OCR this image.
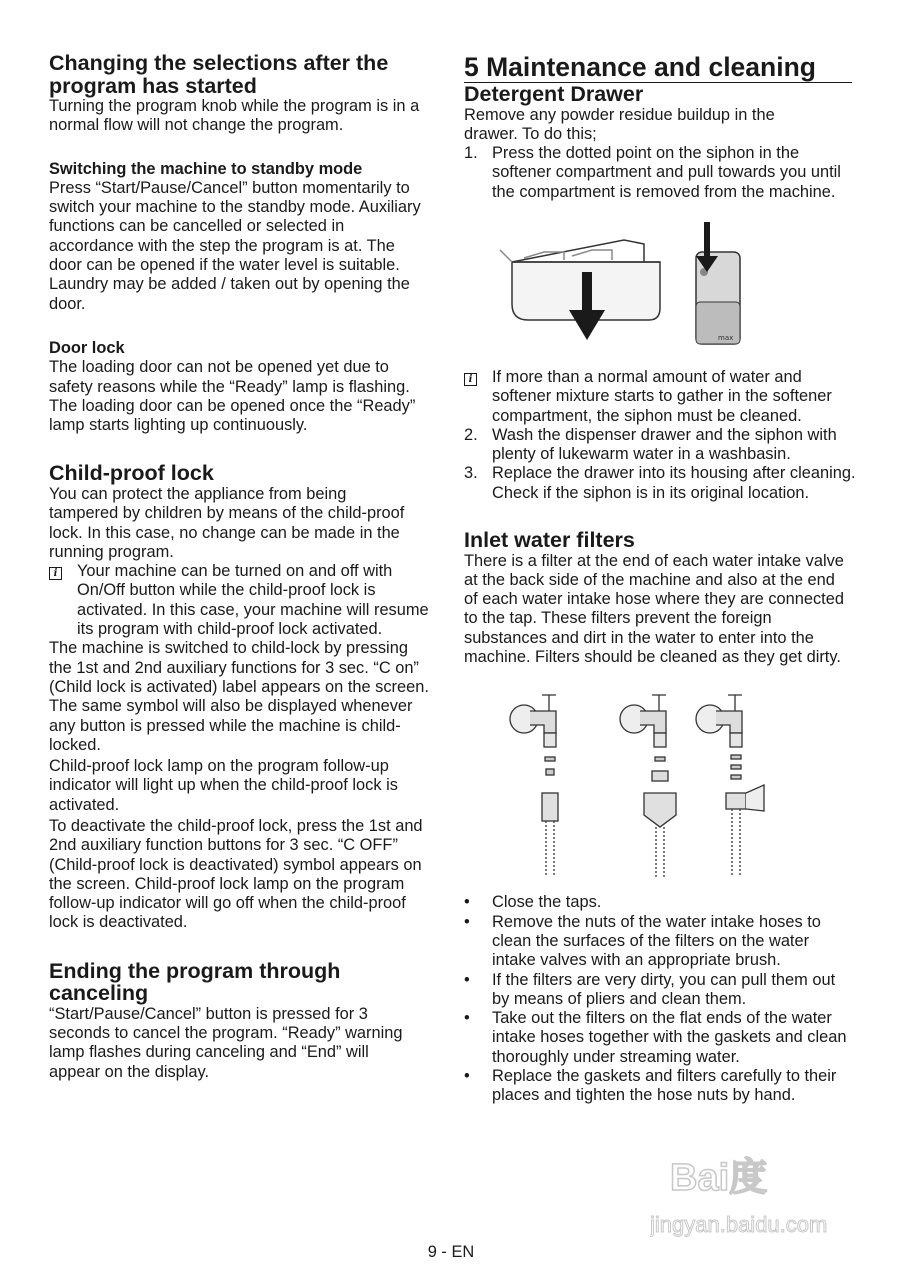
Changing the selections after the program has started

Turning the program knob while the program is in a normal flow will not change the program.

Switching the machine to standby mode

Press “Start/Pause/Cancel” button momentarily to switch your machine to the standby mode. Auxiliary functions can be cancelled or selected in accordance with the step the program is at. The door can be opened if the water level is suitable. Laundry may be added / taken out by opening the door.

Door lock

The loading door can not be opened yet due to safety reasons while the “Ready” lamp is flashing. The loading door can be opened once the “Ready” lamp starts lighting up continuously.

Child-proof lock

You can protect the appliance from being tampered by children by means of the child-proof lock. In this case, no change can be made in the running program.

i	Your machine can be turned on and off with On/Off button while the child-proof lock is activated. In this case, your machine will resume its program with child-proof lock activated.

The machine is switched to child-lock by pressing the 1st and 2nd auxiliary functions for 3 sec. “C on” (Child lock is activated) label appears on the screen. The same symbol will also be displayed whenever any button is pressed while the machine is child-locked.

Child-proof lock lamp on the program follow-up indicator will light up when the child-proof lock is activated.

To deactivate the child-proof lock, press the 1st and 2nd auxiliary function buttons for 3 sec. “C OFF” (Child-proof lock is deactivated) symbol appears on the screen. Child-proof lock lamp on the program follow-up indicator will go off when the child-proof lock is deactivated.

Ending the program through canceling

“Start/Pause/Cancel” button is pressed for 3 seconds to cancel the program. “Ready” warning lamp flashes during canceling and “End” will appear on the display.

5 Maintenance and cleaning
Detergent Drawer

Remove any powder residue buildup in the drawer. To do this;

1. Press the dotted point on the siphon in the softener compartment and pull towards you until the compartment is removed from the machine.
max
i	If more than a normal amount of water and softener mixture starts to gather in the softener compartment, the siphon must be cleaned.
2. Wash the dispenser drawer and the siphon with plenty of lukewarm water in a washbasin.
3. Replace the drawer into its housing after cleaning. Check if the siphon is in its original location.
Inlet water filters

There is a filter at the end of each water intake valve at the back side of the machine and also at the end of each water intake hose where they are connected to the tap. These filters prevent the foreign substances and dirt in the water to enter into the machine. Filters should be cleaned as they get dirty.

•	Close the taps.
•	Remove the nuts of the water intake hoses to clean the surfaces of the filters on the water intake valves with an appropriate brush.
•	If the filters are very dirty, you can pull them out by means of pliers and clean them.
•	Take out the filters on the flat ends of the water intake hoses together with the gaskets and clean thoroughly under streaming water.
•	Replace the gaskets and filters carefully to their places and tighten the hose nuts by hand.
Bai度
jingyan.baidu.com
9 - EN
